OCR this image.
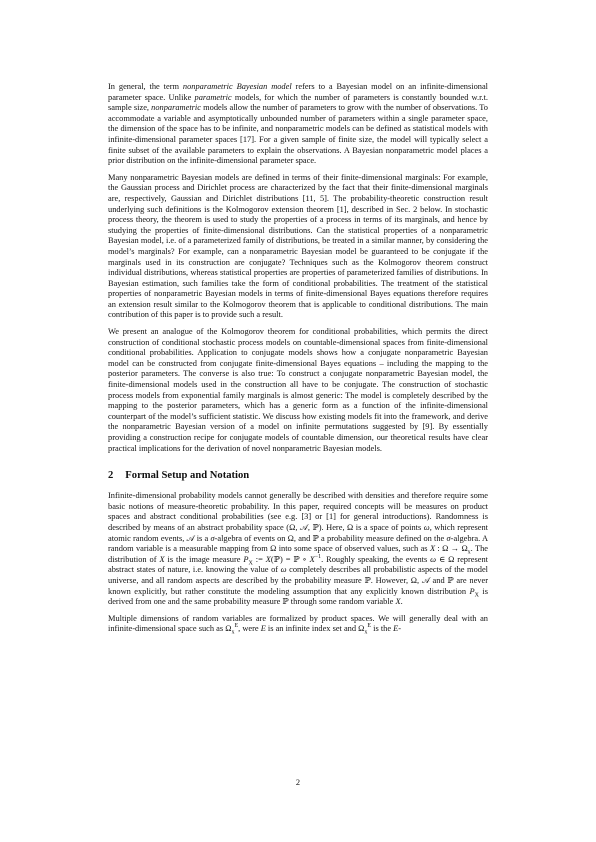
In general, the term nonparametric Bayesian model refers to a Bayesian model on an infinite-dimensional parameter space. Unlike parametric models, for which the number of parameters is constantly bounded w.r.t. sample size, nonparametric models allow the number of parameters to grow with the number of observations. To accommodate a variable and asymptotically unbounded number of parameters within a single parameter space, the dimension of the space has to be infinite, and nonparametric models can be defined as statistical models with infinite-dimensional parameter spaces [17]. For a given sample of finite size, the model will typically select a finite subset of the available parameters to explain the observations. A Bayesian nonparametric model places a prior distribution on the infinite-dimensional parameter space.

Many nonparametric Bayesian models are defined in terms of their finite-dimensional marginals: For example, the Gaussian process and Dirichlet process are characterized by the fact that their finite-dimensional marginals are, respectively, Gaussian and Dirichlet distributions [11, 5]. The probability-theoretic construction result underlying such definitions is the Kolmogorov extension theorem [1], described in Sec. 2 below. In stochastic process theory, the theorem is used to study the properties of a process in terms of its marginals, and hence by studying the properties of finite-dimensional distributions. Can the statistical properties of a nonparametric Bayesian model, i.e. of a parameterized family of distributions, be treated in a similar manner, by considering the model’s marginals? For example, can a nonparametric Bayesian model be guaranteed to be conjugate if the marginals used in its construction are conjugate? Techniques such as the Kolmogorov theorem construct individual distributions, whereas statistical properties are properties of parameterized families of distributions. In Bayesian estimation, such families take the form of conditional probabilities. The treatment of the statistical properties of nonparametric Bayesian models in terms of finite-dimensional Bayes equations therefore requires an extension result similar to the Kolmogorov theorem that is applicable to conditional distributions. The main contribution of this paper is to provide such a result.

We present an analogue of the Kolmogorov theorem for conditional probabilities, which permits the direct construction of conditional stochastic process models on countable-dimensional spaces from finite-dimensional conditional probabilities. Application to conjugate models shows how a conjugate nonparametric Bayesian model can be constructed from conjugate finite-dimensional Bayes equations – including the mapping to the posterior parameters. The converse is also true: To construct a conjugate nonparametric Bayesian model, the finite-dimensional models used in the construction all have to be conjugate. The construction of stochastic process models from exponential family marginals is almost generic: The model is completely described by the mapping to the posterior parameters, which has a generic form as a function of the infinite-dimensional counterpart of the model’s sufficient statistic. We discuss how existing models fit into the framework, and derive the nonparametric Bayesian version of a model on infinite permutations suggested by [9]. By essentially providing a construction recipe for conjugate models of countable dimension, our theoretical results have clear practical implications for the derivation of novel nonparametric Bayesian models.

2 Formal Setup and Notation

Infinite-dimensional probability models cannot generally be described with densities and therefore require some basic notions of measure-theoretic probability. In this paper, required concepts will be measures on product spaces and abstract conditional probabilities (see e.g. [3] or [1] for general introductions). Randomness is described by means of an abstract probability space (Ω, 𝒜, ℙ). Here, Ω is a space of points ω, which represent atomic random events, 𝒜 is a σ-algebra of events on Ω, and ℙ a probability measure defined on the σ-algebra. A random variable is a measurable mapping from Ω into some space of observed values, such as X : $\Omega \to \Omega_x$. The distribution of X is the image measure $P_X$ := X(ℙ) = ℙ ∘ $X^{-1}$. Roughly speaking, the events ω ∈ Ω represent abstract states of nature, i.e. knowing the value of ω completely describes all probabilistic aspects of the model universe, and all random aspects are described by the probability measure ℙ. However, Ω, 𝒜 and ℙ are never known explicitly, but rather constitute the modeling assumption that any explicitly known distribution $P_X$ is derived from one and the same probability measure ℙ through some random variable X.

Multiple dimensions of random variables are formalized by product spaces. We will generally deal with an infinite-dimensional space such as $\Omega_x^E$, were E is an infinite index set and $\Omega_x^E$ is the E-

2
